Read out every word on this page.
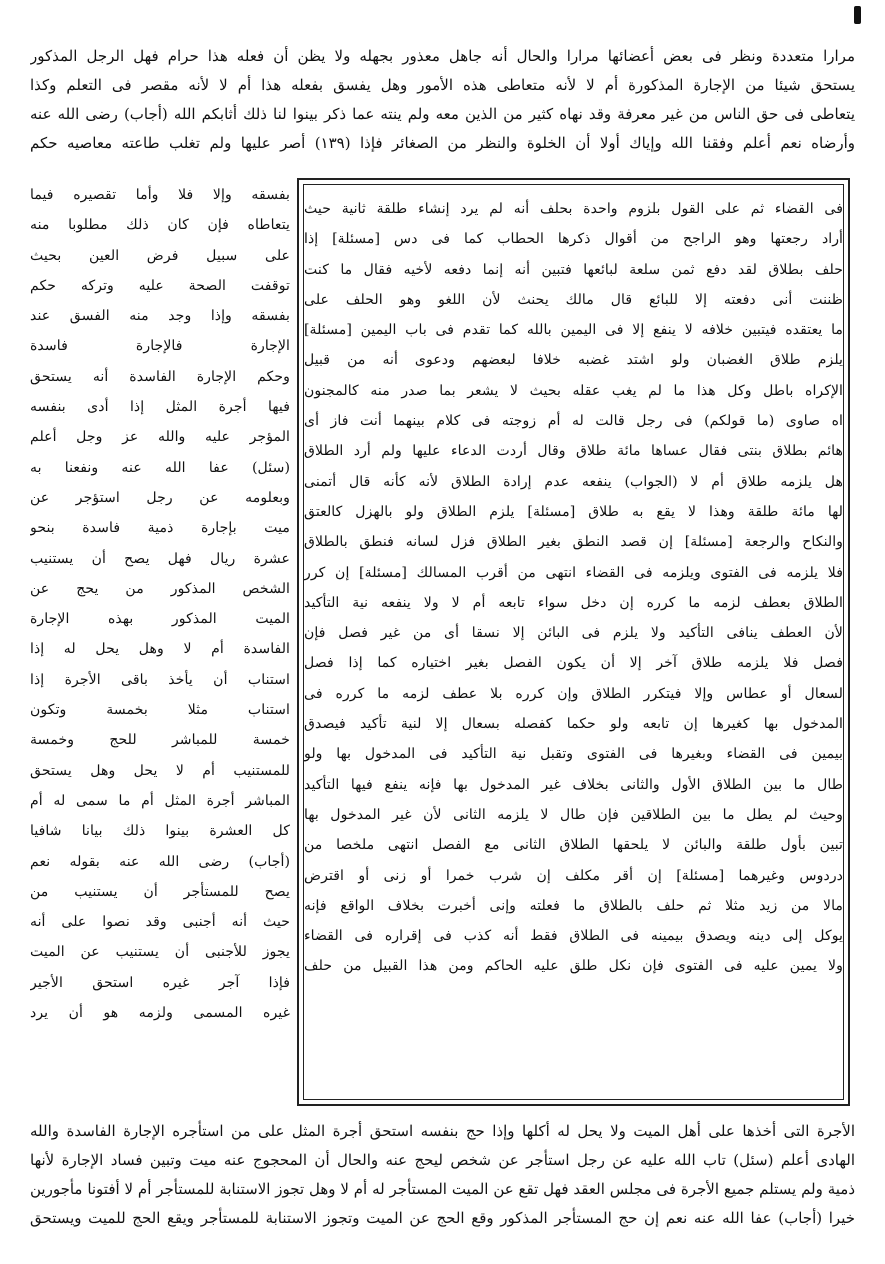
مرارا متعددة ونظر فى بعض أعضائها مرارا والحال أنه جاهل معذور بجهله ولا يظن أن فعله هذا حرام فهل الرجل المذكور
يستحق شيئا من الإجارة المذكورة أم لا لأنه متعاطى هذه الأمور وهل يفسق بفعله هذا أم لا لأنه مقصر فى التعلم وكذا
يتعاطى فى حق الناس من غير معرفة وقد نهاه كثير من الذين معه ولم ينته عما ذكر بينوا لنا ذلك أثابكم الله (أجاب) رضى الله عنه
وأرضاه نعم أعلم وفقنا الله وإياك أولا أن الخلوة والنظر من الصغائر فإذا (١٣٩) أصر عليها ولم تغلب طاعته معاصيه حكم
فى القضاء ثم على القول بلزوم واحدة بحلف أنه لم يرد إنشاء طلقة ثانية حيث
أراد رجعتها وهو الراجح من أقوال ذكرها الحطاب كما فى دس [مسئلة] إذا
حلف بطلاق لقد دفع ثمن سلعة لبائعها فتبين أنه إنما دفعه لأخيه فقال ما كنت
ظننت أنى دفعته إلا للبائع قال مالك يحنث لأن اللغو وهو الحلف على
ما يعتقده فيتبين خلافه لا ينفع إلا فى اليمين بالله كما تقدم فى باب اليمين [مسئلة]
يلزم طلاق الغضبان ولو اشتد غضبه خلافا لبعضهم ودعوى أنه من قبيل
الإكراه باطل وكل هذا ما لم يغب عقله بحيث لا يشعر بما صدر منه كالمجنون
اه صاوى (ما قولكم) فى رجل قالت له أم زوجته فى كلام بينهما أنت فاز أى
هائم بطلاق بنتى فقال عساها مائة طلاق وقال أردت الدعاء عليها ولم أرد الطلاق
هل يلزمه طلاق أم لا (الجواب) ينفعه عدم إرادة الطلاق لأنه كأنه قال أتمنى
لها مائة طلقة وهذا لا يقع به طلاق [مسئلة] يلزم الطلاق ولو بالهزل كالعتق
والنكاح والرجعة [مسئلة] إن قصد النطق بغير الطلاق فزل لسانه فنطق بالطلاق
فلا يلزمه فى الفتوى ويلزمه فى القضاء انتهى من أقرب المسالك [مسئلة] إن كرر
الطلاق بعطف لزمه ما كرره إن دخل سواء تابعه أم لا ولا ينفعه نية التأكيد
لأن العطف ينافى التأكيد ولا يلزم فى البائن إلا نسقا أى من غير فصل فإن
فصل فلا يلزمه طلاق آخر إلا أن يكون الفصل بغير اختياره كما إذا فصل
لسعال أو عطاس وإلا فيتكرر الطلاق وإن كرره بلا عطف لزمه ما كرره فى
المدخول بها كغيرها إن تابعه ولو حكما كفصله بسعال إلا لنية تأكيد فيصدق
بيمين فى القضاء وبغيرها فى الفتوى وتقبل نية التأكيد فى المدخول بها ولو
طال ما بين الطلاق الأول والثانى بخلاف غير المدخول بها فإنه ينفع فيها التأكيد
وحيث لم يطل ما بين الطلاقين فإن طال لا يلزمه الثانى لأن غير المدخول بها
تبين بأول طلقة والبائن لا يلحقها الطلاق الثانى مع الفصل انتهى ملخصا من
دردوس وغيرهما [مسئلة] إن أقر مكلف إن شرب خمرا أو زنى أو اقترض
مالا من زيد مثلا ثم حلف بالطلاق ما فعلته وإنى أخبرت بخلاف الواقع فإنه
يوكل إلى دينه ويصدق بيمينه فى الطلاق فقط أنه كذب فى إقراره فى القضاء
ولا يمين عليه فى الفتوى فإن نكل طلق عليه الحاكم ومن هذا القبيل من حلف
بفسقه وإلا فلا وأما تقصيره فيما
يتعاطاه فإن كان ذلك مطلوبا منه
على سبيل فرض العين بحيث
توقفت الصحة عليه وتركه حكم
بفسقه وإذا وجد منه الفسق عند
الإجارة فالإجارة فاسدة
وحكم الإجارة الفاسدة أنه يستحق
فيها أجرة المثل إذا أدى بنفسه
المؤجر عليه والله عز وجل أعلم
(سئل) عفا الله عنه ونفعنا به
وبعلومه عن رجل استؤجر عن
ميت بإجارة ذمية فاسدة بنحو
عشرة ريال فهل يصح أن يستنيب
الشخص المذكور من يحج عن
الميت المذكور بهذه الإجارة
الفاسدة أم لا وهل يحل له إذا
استناب أن يأخذ باقى الأجرة إذا
استناب مثلا بخمسة وتكون
خمسة للمباشر للحج وخمسة
للمستنيب أم لا يحل وهل يستحق
المباشر أجرة المثل أم ما سمى له أم
كل العشرة بينوا ذلك بيانا شافيا
(أجاب) رضى الله عنه بقوله نعم
يصح للمستأجر أن يستنيب من
حيث أنه أجنبى وقد نصوا على أنه
يجوز للأجنبى أن يستنيب عن الميت
فإذا آجر غيره استحق الأجير
غيره المسمى ولزمه هو أن يرد
الأجرة التى أخذها على أهل الميت ولا يحل له أكلها وإذا حج بنفسه استحق أجرة المثل على من استأجره الإجارة الفاسدة والله
الهادى أعلم (سئل) تاب الله عليه عن رجل استأجر عن شخص ليحج عنه والحال أن المحجوج عنه ميت وتبين فساد الإجارة لأنها
ذمية ولم يستلم جميع الأجرة فى مجلس العقد فهل تقع عن الميت المستأجر له أم لا وهل تجوز الاستنابة للمستأجر أم لا أفتونا مأجورين
خيرا (أجاب) عفا الله عنه نعم إن حج المستأجر المذكور وقع الحج عن الميت وتجوز الاستنابة للمستأجر ويقع الحج للميت ويستحق
